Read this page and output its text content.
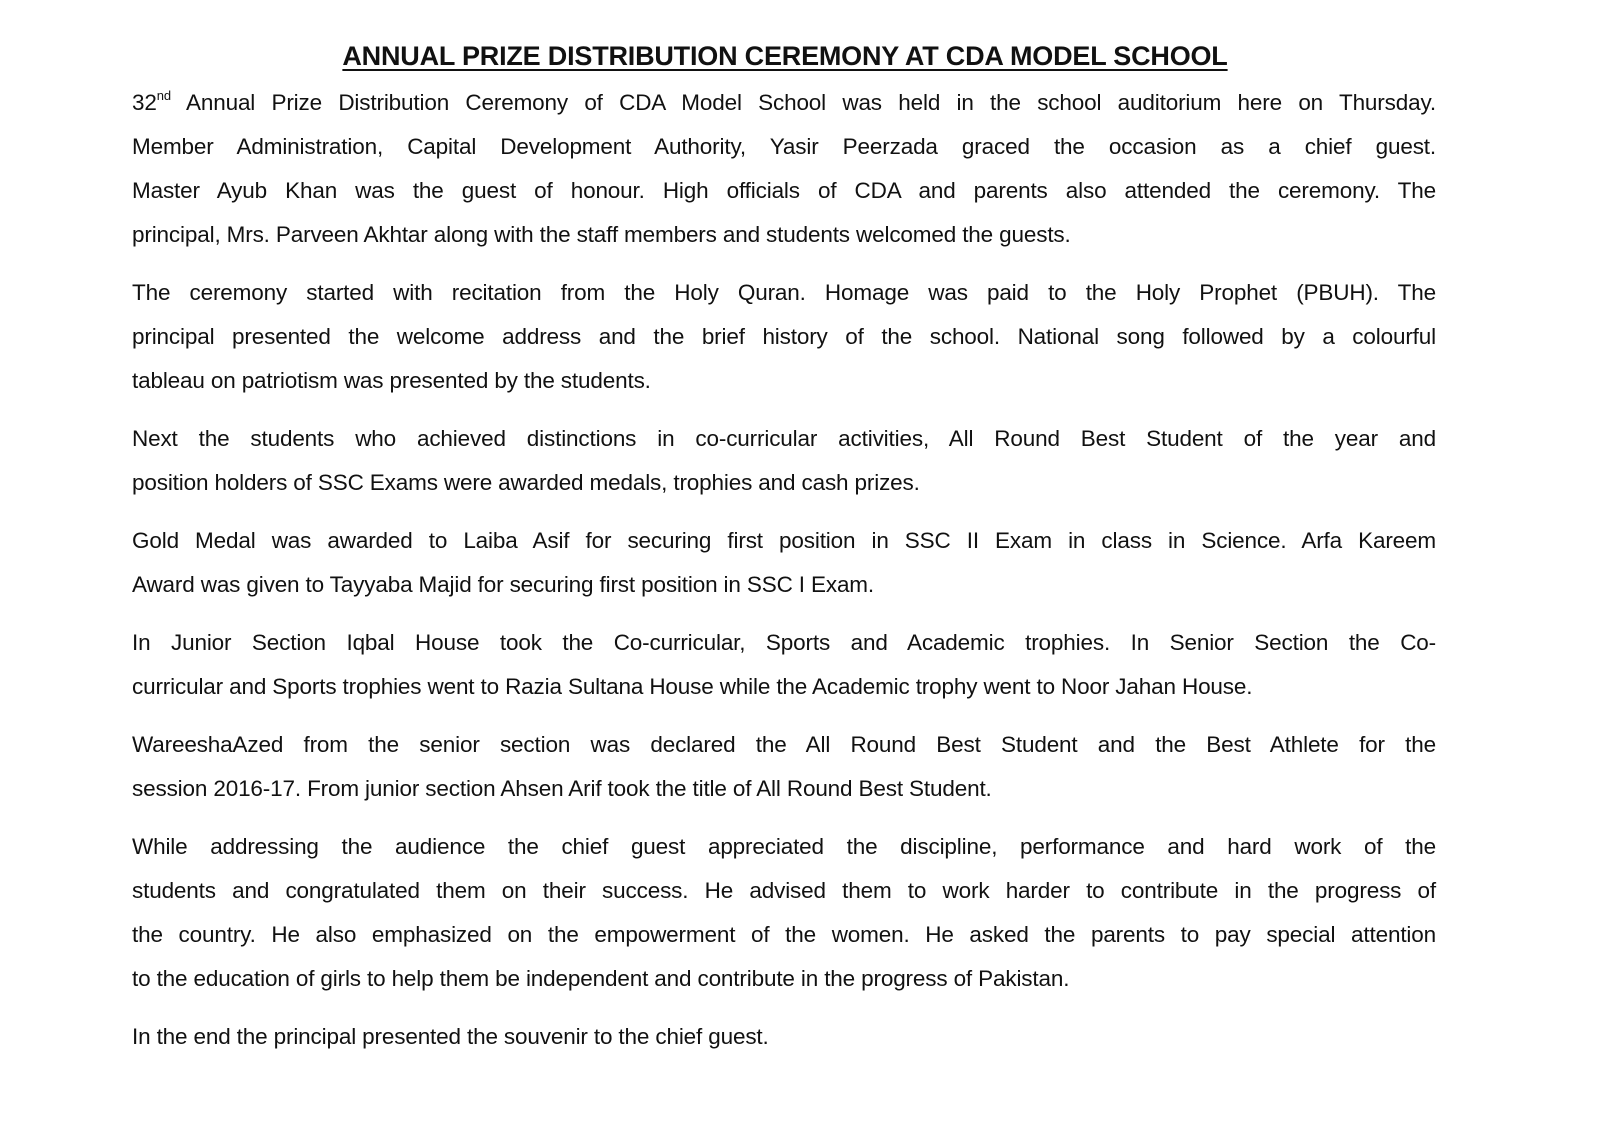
ANNUAL PRIZE DISTRIBUTION CEREMONY AT CDA MODEL SCHOOL
32nd Annual Prize Distribution Ceremony of CDA Model School was held in the school auditorium here on Thursday.
Member Administration, Capital Development Authority, Yasir Peerzada graced the occasion as a chief guest.
Master Ayub Khan was the guest of honour. High officials of CDA and parents also attended the ceremony. The
principal, Mrs. Parveen Akhtar along with the staff members and students welcomed the guests.
The ceremony started with recitation from the Holy Quran. Homage was paid to the Holy Prophet (PBUH). The
principal presented the welcome address and the brief history of the school. National song followed by a colourful
tableau on patriotism was presented by the students.
Next the students who achieved distinctions in co-curricular activities, All Round Best Student of the year and
position holders of SSC Exams were awarded medals, trophies and cash prizes.
Gold Medal was awarded to Laiba Asif for securing first position in SSC II Exam in class in Science. Arfa Kareem
Award was given to Tayyaba Majid for securing first position in SSC I Exam.
In Junior Section Iqbal House took the Co-curricular, Sports and Academic trophies. In Senior Section the Co-
curricular and Sports trophies went to Razia Sultana House while the Academic trophy went to Noor Jahan House.
WareeshaAzed from the senior section was declared the All Round Best Student and the Best Athlete for the
session 2016-17. From junior section Ahsen Arif took the title of All Round Best Student.
While addressing the audience the chief guest appreciated the discipline, performance and hard work of the
students and congratulated them on their success. He advised them to work harder to contribute in the progress of
the country. He also emphasized on the empowerment of the women. He asked the parents to pay special attention
to the education of girls to help them be independent and contribute in the progress of Pakistan.
In the end the principal presented the souvenir to the chief guest.
